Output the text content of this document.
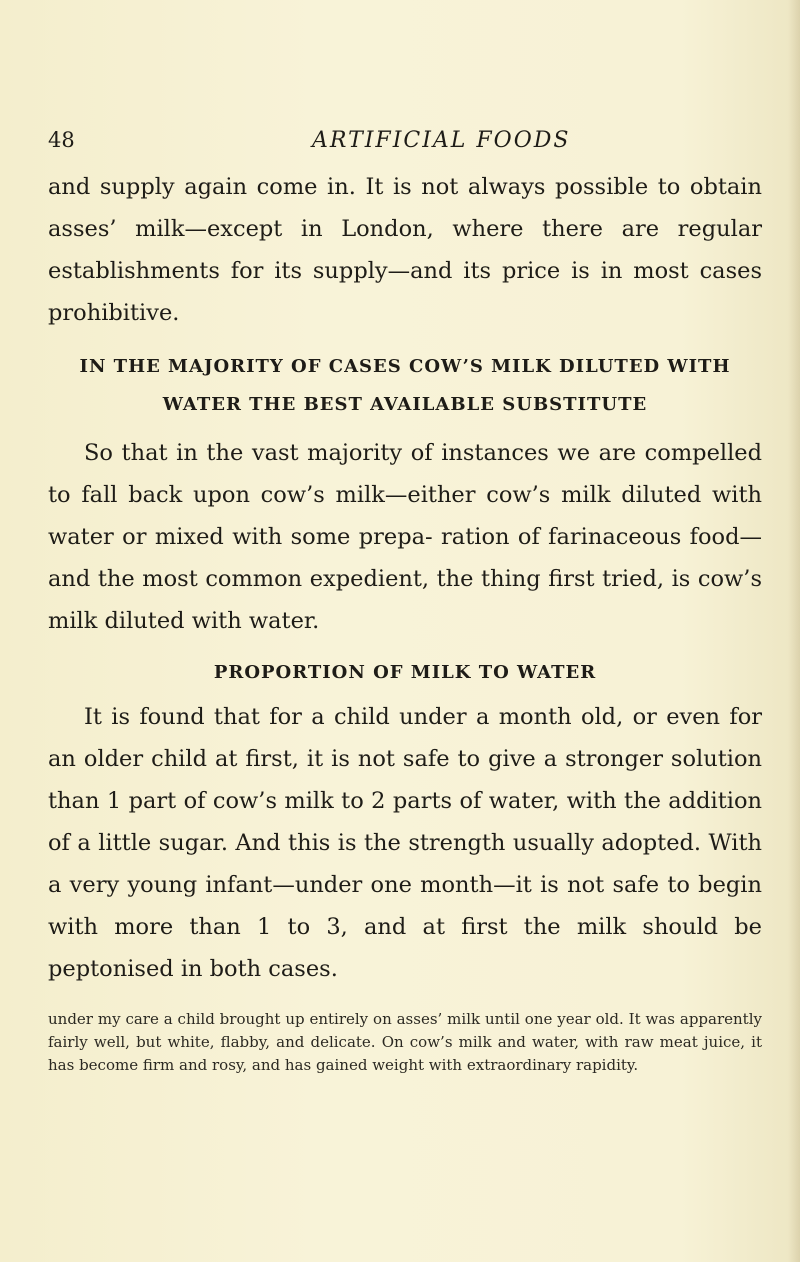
48	ARTIFICIAL FOODS

and supply again come in. It is not always possible to obtain asses’ milk—except in London, where there are regular establishments for its supply—and its price is in most cases prohibitive.

IN THE MAJORITY OF CASES COW’S MILK DILUTED WITH WATER THE BEST AVAILABLE SUBSTITUTE

So that in the vast majority of instances we are compelled to fall back upon cow’s milk—either cow’s milk diluted with water or mixed with some prepa- ration of farinaceous food—and the most common expedient, the thing first tried, is cow’s milk diluted with water.

PROPORTION OF MILK TO WATER

It is found that for a child under a month old, or even for an older child at first, it is not safe to give a stronger solution than 1 part of cow’s milk to 2 parts of water, with the addition of a little sugar. And this is the strength usually adopted. With a very young infant—under one month—it is not safe to begin with more than 1 to 3, and at first the milk should be peptonised in both cases.

under my care a child brought up entirely on asses’ milk until one year old. It was apparently fairly well, but white, flabby, and delicate. On cow’s milk and water, with raw meat juice, it has become firm and rosy, and has gained weight with extraordinary rapidity.
